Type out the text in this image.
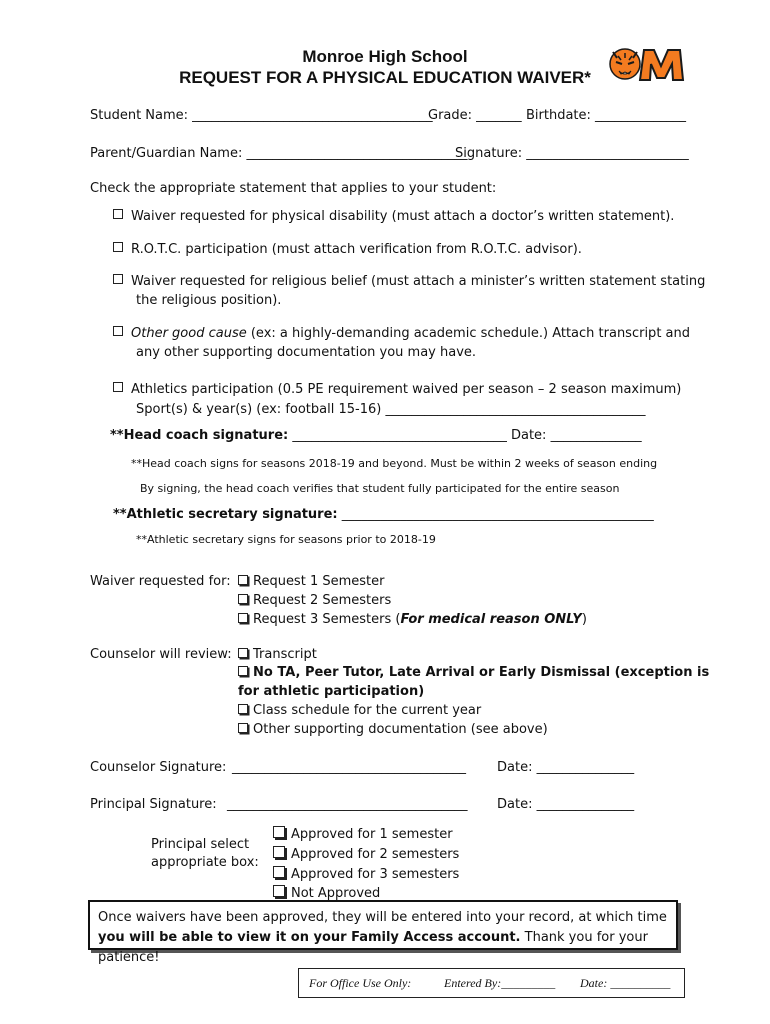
Monroe High School
REQUEST FOR A PHYSICAL EDUCATION WAIVER*
Student Name: _____________________________________
Grade: _______ Birthdate: ______________
Parent/Guardian Name: __________________________________
Signature: _________________________
Check the appropriate statement that applies to your student:
Waiver requested for physical disability (must attach a doctor’s written statement).
R.O.T.C. participation (must attach verification from R.O.T.C. advisor).
Waiver requested for religious belief (must attach a minister’s written statement stating
the religious position).
Other good cause (ex: a highly-demanding academic schedule.) Attach transcript and
any other supporting documentation you may have.
Athletics participation (0.5 PE requirement waived per season – 2 season maximum)
Sport(s) & year(s) (ex: football 15-16) ________________________________________
**Head coach signature: _________________________________ Date: ______________
**Head coach signs for seasons 2018-19 and beyond. Must be within 2 weeks of season ending
By signing, the head coach verifies that student fully participated for the entire season
**Athletic secretary signature: ________________________________________________
**Athletic secretary signs for seasons prior to 2018-19
Waiver requested for:	Request 1 Semester
Request 2 Semesters
Request 3 Semesters (For medical reason ONLY)
Counselor will review:	Transcript
No TA, Peer Tutor, Late Arrival or Early Dismissal (exception is
for athletic participation)
Class schedule for the current year
Other supporting documentation (see above)
Counselor Signature: ____________________________________ Date: _______________
Principal Signature: _____________________________________ Date: _______________
Principal select
appropriate box:
Approved for 1 semester
Approved for 2 semesters
Approved for 3 semesters
Not Approved
Once waivers have been approved, they will be entered into your record, at which time you will be able to view it on your Family Access account. Thank you for your patience!
For Office Use Only:	Entered By:_________ Date: __________
